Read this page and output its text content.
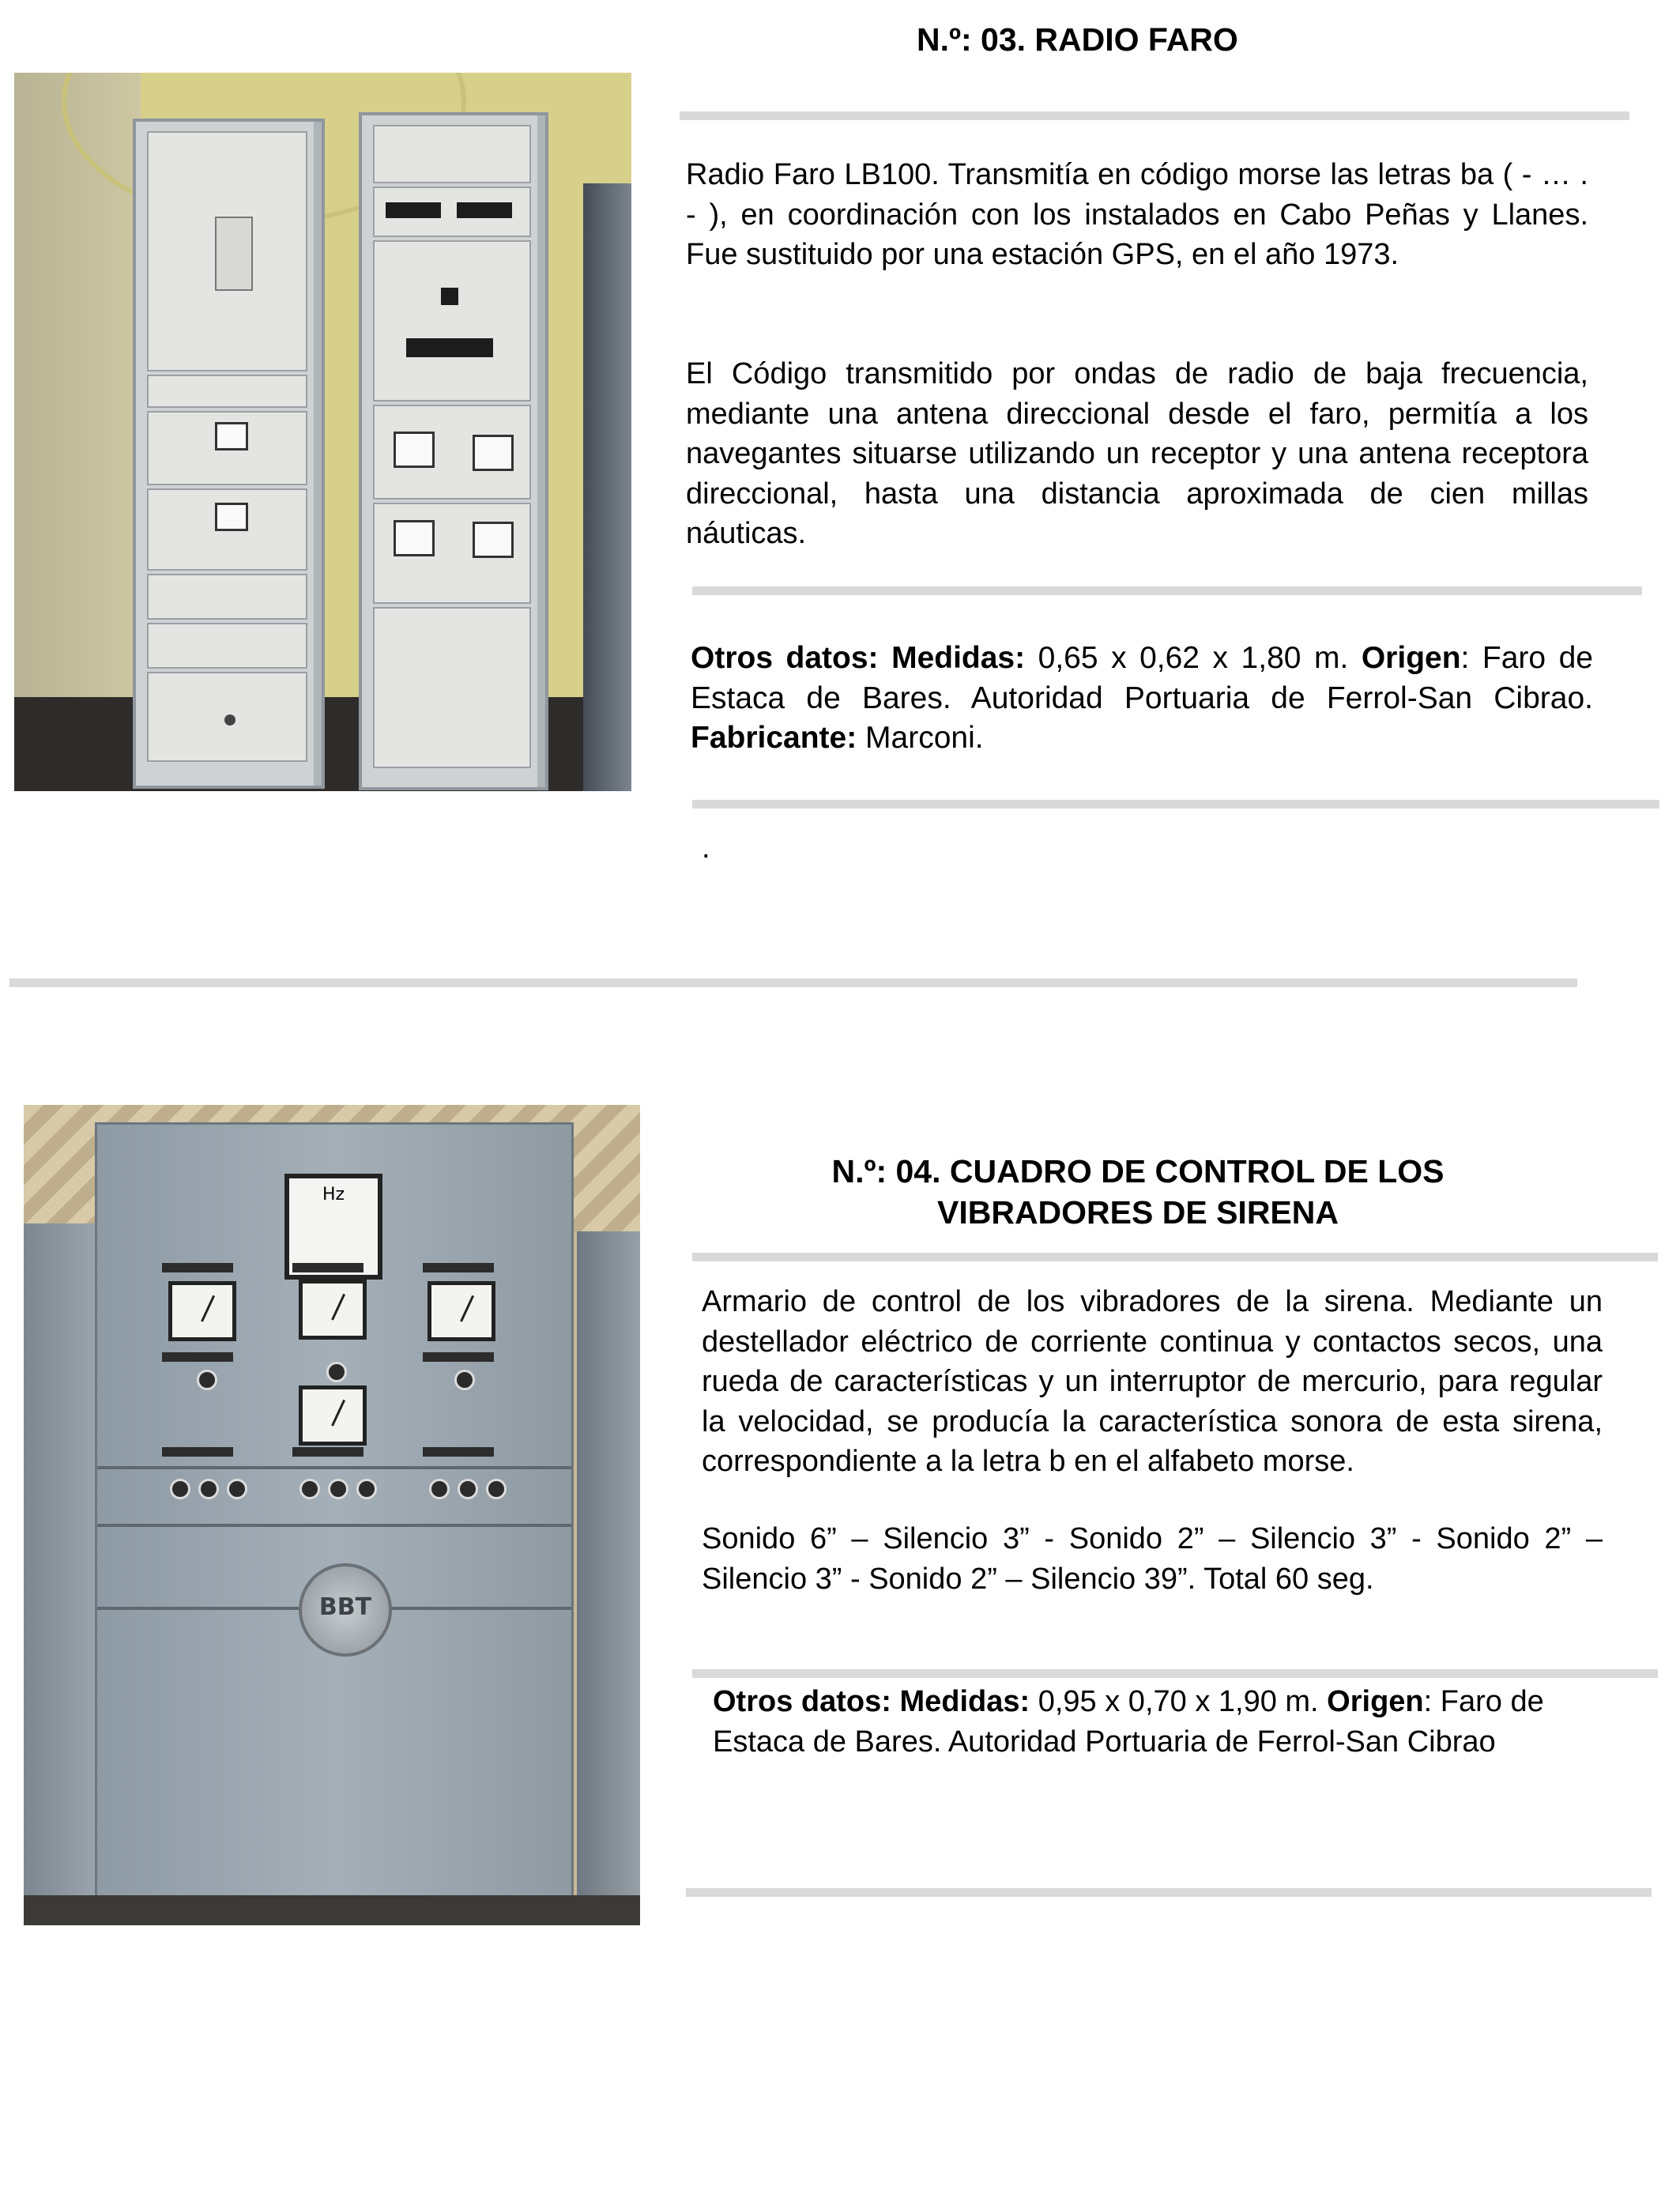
N.º: 03. RADIO FARO
Radio Faro LB100. Transmitía en código morse las letras ba ( - … . - ), en coordinación con los instalados en Cabo Peñas y Llanes. Fue sustituido por una estación GPS, en el año 1973.
El Código transmitido por ondas de radio de baja frecuencia, mediante una antena direccional desde el faro, permitía a los navegantes situarse utilizando un receptor y una antena receptora direccional, hasta una distancia aproximada de cien millas náuticas.
Otros datos: Medidas: 0,65 x 0,62 x 1,80 m. Origen: Faro de Estaca de Bares. Autoridad Portuaria de Ferrol-San Cibrao. Fabricante: Marconi.
.
Hz
BBT
N.º: 04. CUADRO DE CONTROL DE LOS
VIBRADORES DE SIRENA
Armario de control de los vibradores de la sirena. Mediante un destellador eléctrico de corriente continua y contactos secos, una rueda de características y un interruptor de mercurio, para regular la velocidad, se producía la característica sonora de esta sirena, correspondiente a la letra b en el alfabeto morse.
Sonido 6” – Silencio 3” - Sonido 2” – Silencio 3” - Sonido 2” – Silencio 3” - Sonido 2” – Silencio 39”. Total 60 seg.
Otros datos: Medidas: 0,95 x 0,70 x 1,90 m. Origen: Faro de Estaca de Bares. Autoridad Portuaria de Ferrol-San Cibrao
